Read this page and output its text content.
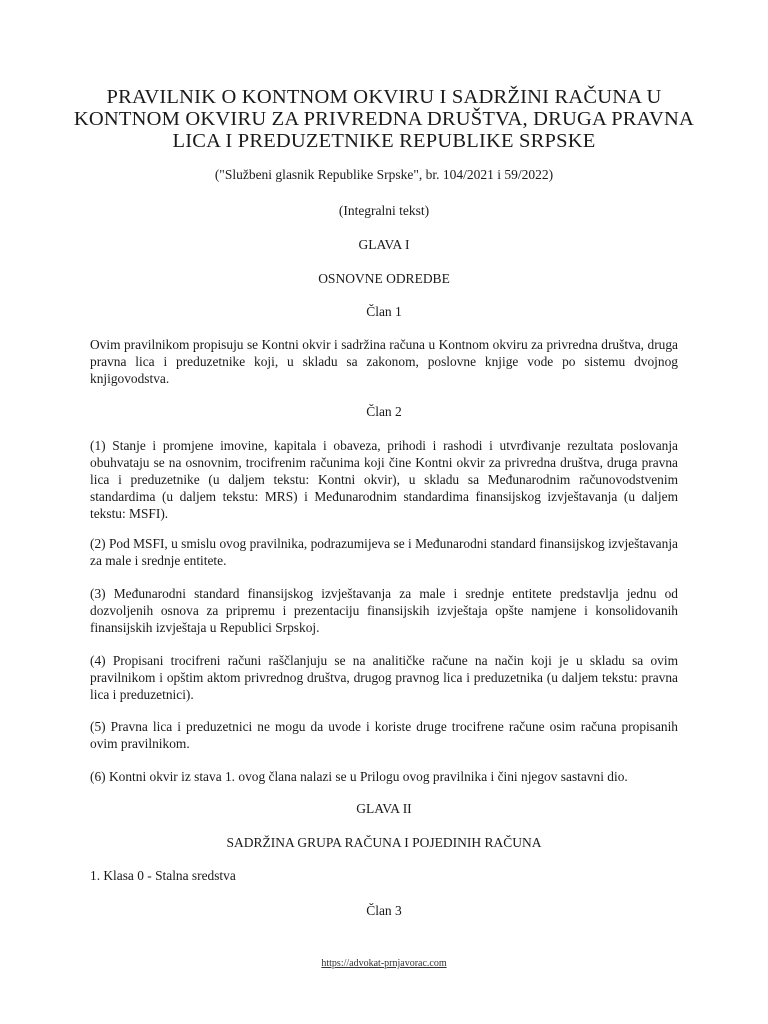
PRAVILNIK O KONTNOM OKVIRU I SADRŽINI RAČUNA U KONTNOM OKVIRU ZA PRIVREDNA DRUŠTVA, DRUGA PRAVNA LICA I PREDUZETNIKE REPUBLIKE SRPSKE

("Službeni glasnik Republike Srpske", br. 104/2021 i 59/2022)

(Integralni tekst)

GLAVA I

OSNOVNE ODREDBE

Član 1

Ovim pravilnikom propisuju se Kontni okvir i sadržina računa u Kontnom okviru za privredna društva, druga pravna lica i preduzetnike koji, u skladu sa zakonom, poslovne knjige vode po sistemu dvojnog knjigovodstva.

Član 2

(1) Stanje i promjene imovine, kapitala i obaveza, prihodi i rashodi i utvrđivanje rezultata poslovanja obuhvataju se na osnovnim, trocifrenim računima koji čine Kontni okvir za privredna društva, druga pravna lica i preduzetnike (u daljem tekstu: Kontni okvir), u skladu sa Međunarodnim računovodstvenim standardima (u daljem tekstu: MRS) i Međunarodnim standardima finansijskog izvještavanja (u daljem tekstu: MSFI).

(2) Pod MSFI, u smislu ovog pravilnika, podrazumijeva se i Međunarodni standard finansijskog izvještavanja za male i srednje entitete.

(3) Međunarodni standard finansijskog izvještavanja za male i srednje entitete predstavlja jednu od dozvoljenih osnova za pripremu i prezentaciju finansijskih izvještaja opšte namjene i konsolidovanih finansijskih izvještaja u Republici Srpskoj.

(4) Propisani trocifreni računi raščlanjuju se na analitičke račune na način koji je u skladu sa ovim pravilnikom i opštim aktom privrednog društva, drugog pravnog lica i preduzetnika (u daljem tekstu: pravna lica i preduzetnici).

(5) Pravna lica i preduzetnici ne mogu da uvode i koriste druge trocifrene račune osim računa propisanih ovim pravilnikom.

(6) Kontni okvir iz stava 1. ovog člana nalazi se u Prilogu ovog pravilnika i čini njegov sastavni dio.

GLAVA II

SADRŽINA GRUPA RAČUNA I POJEDINIH RAČUNA

1. Klasa 0 - Stalna sredstva

Član 3

https://advokat-prnjavorac.com
